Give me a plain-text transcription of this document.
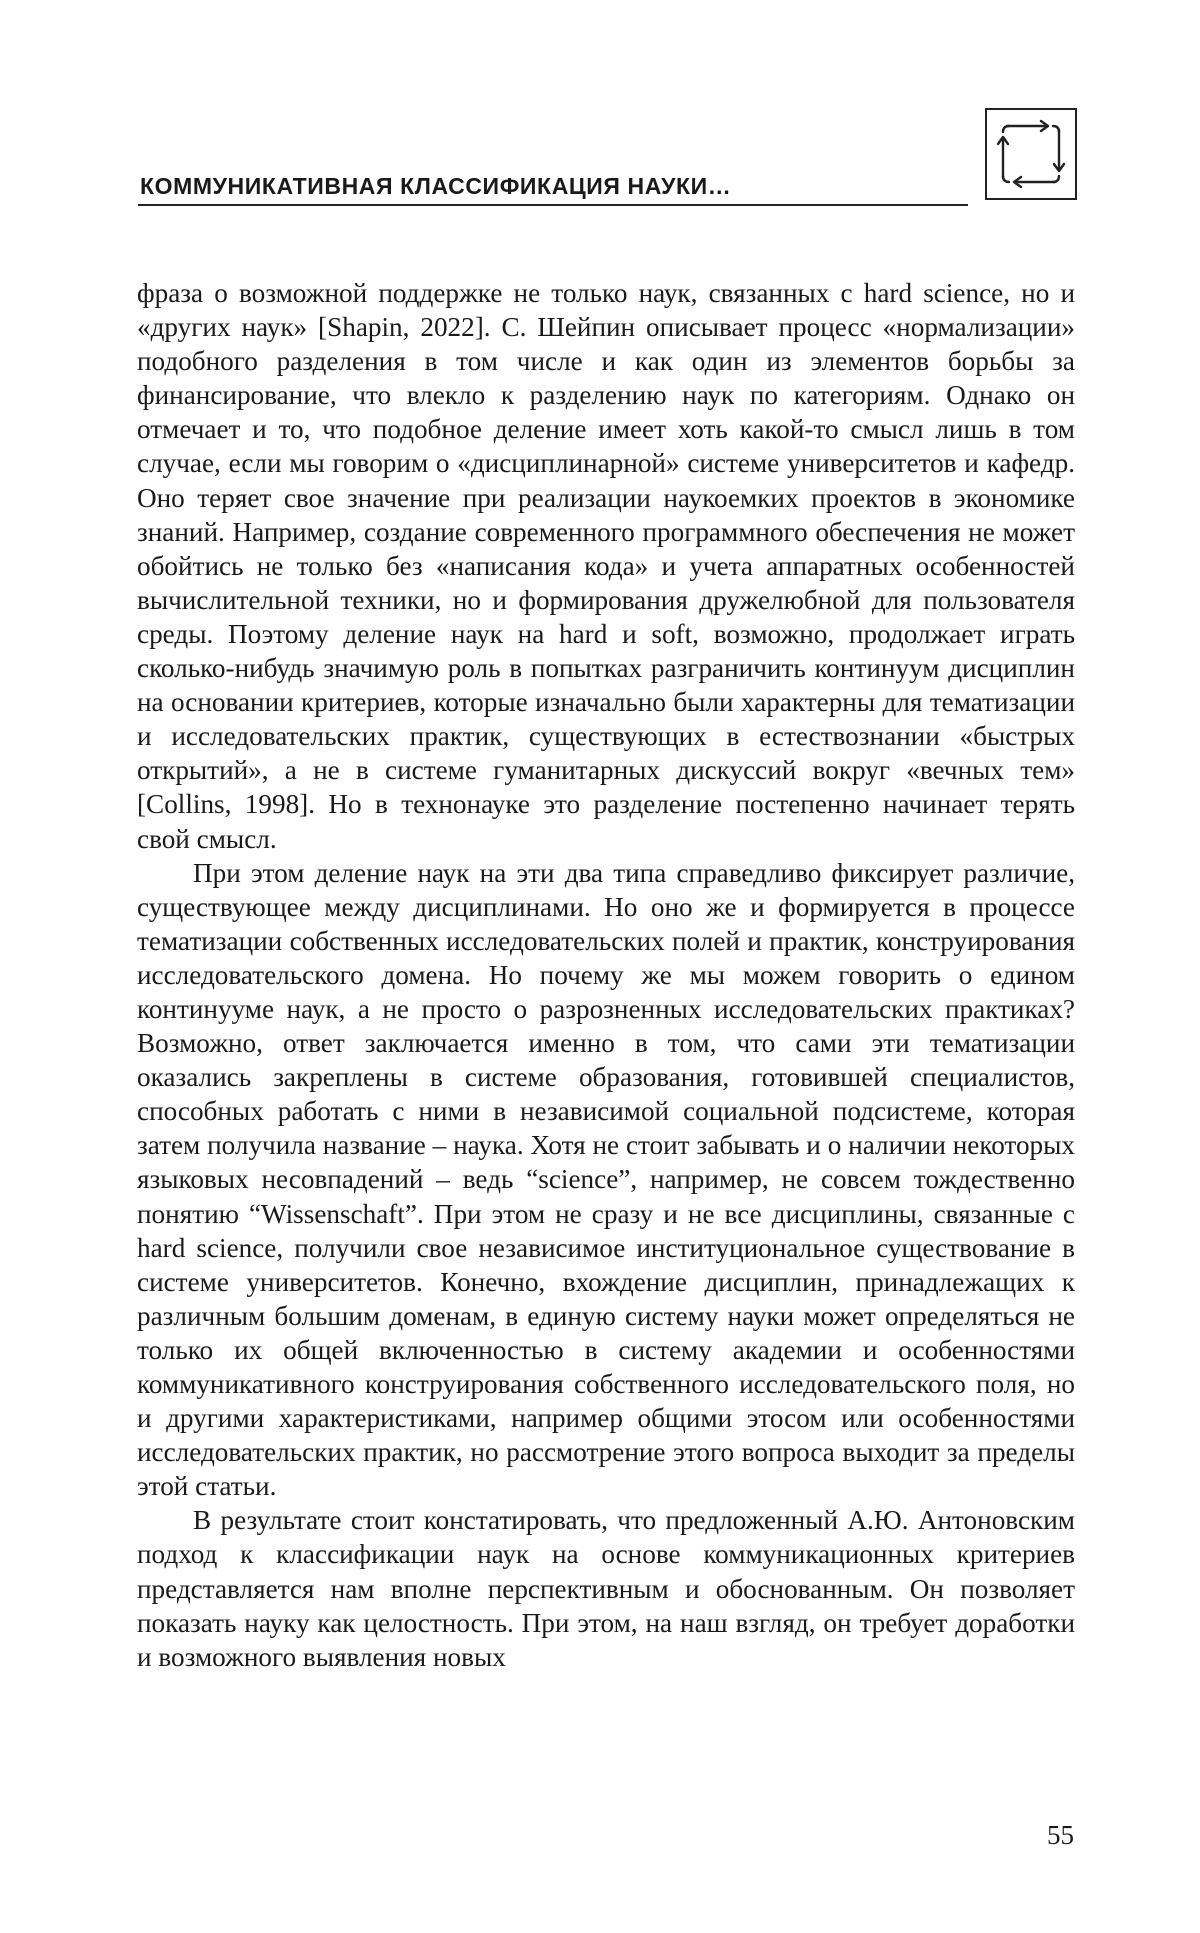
КОММУНИКАТИВНАЯ КЛАССИФИКАЦИЯ НАУКИ…

фраза о возможной поддержке не только наук, связанных с hard science, но и «других наук» [Shapin, 2022]. С. Шейпин описывает процесс «нормализации» подобного разделения в том числе и как один из элементов борьбы за финансирование, что влекло к разделению наук по категориям. Однако он отмечает и то, что подобное деление имеет хоть какой-то смысл лишь в том случае, если мы говорим о «дисциплинарной» системе университетов и кафедр. Оно теряет свое значение при реализации наукоемких проектов в экономике знаний. Например, создание современного программного обеспечения не может обойтись не только без «написания кода» и учета аппаратных особенностей вычислительной техники, но и формирования дружелюбной для пользователя среды. Поэтому деление наук на hard и soft, возможно, продолжает играть сколько-нибудь значимую роль в попытках разграничить континуум дисциплин на основании критериев, которые изначально были характерны для тематизации и исследовательских практик, существующих в естествознании «быстрых открытий», а не в системе гуманитарных дискуссий вокруг «вечных тем» [Collins, 1998]. Но в технонауке это разделение постепенно начинает терять свой смысл.

При этом деление наук на эти два типа справедливо фиксирует различие, существующее между дисциплинами. Но оно же и формируется в процессе тематизации собственных исследовательских полей и практик, конструирования исследовательского домена. Но почему же мы можем говорить о едином континууме наук, а не просто о разрозненных исследовательских практиках? Возможно, ответ заключается именно в том, что сами эти тематизации оказались закреплены в системе образования, готовившей специалистов, способных работать с ними в независимой социальной подсистеме, которая затем получила название – наука. Хотя не стоит забывать и о наличии некоторых языковых несовпадений – ведь “science”, например, не совсем тождественно понятию “Wissenschaft”. При этом не сразу и не все дисциплины, связанные с hard science, получили свое независимое институциональное существование в системе университетов. Конечно, вхождение дисциплин, принадлежащих к различным большим доменам, в единую систему науки может определяться не только их общей включенностью в систему академии и особенностями коммуникативного конструирования собственного исследовательского поля, но и другими характеристиками, например общими этосом или особенностями исследовательских практик, но рассмотрение этого вопроса выходит за пределы этой статьи.

В результате стоит констатировать, что предложенный А.Ю. Антоновским подход к классификации наук на основе коммуникационных критериев представляется нам вполне перспективным и обоснованным. Он позволяет показать науку как целостность. При этом, на наш взгляд, он требует доработки и возможного выявления новых

55
